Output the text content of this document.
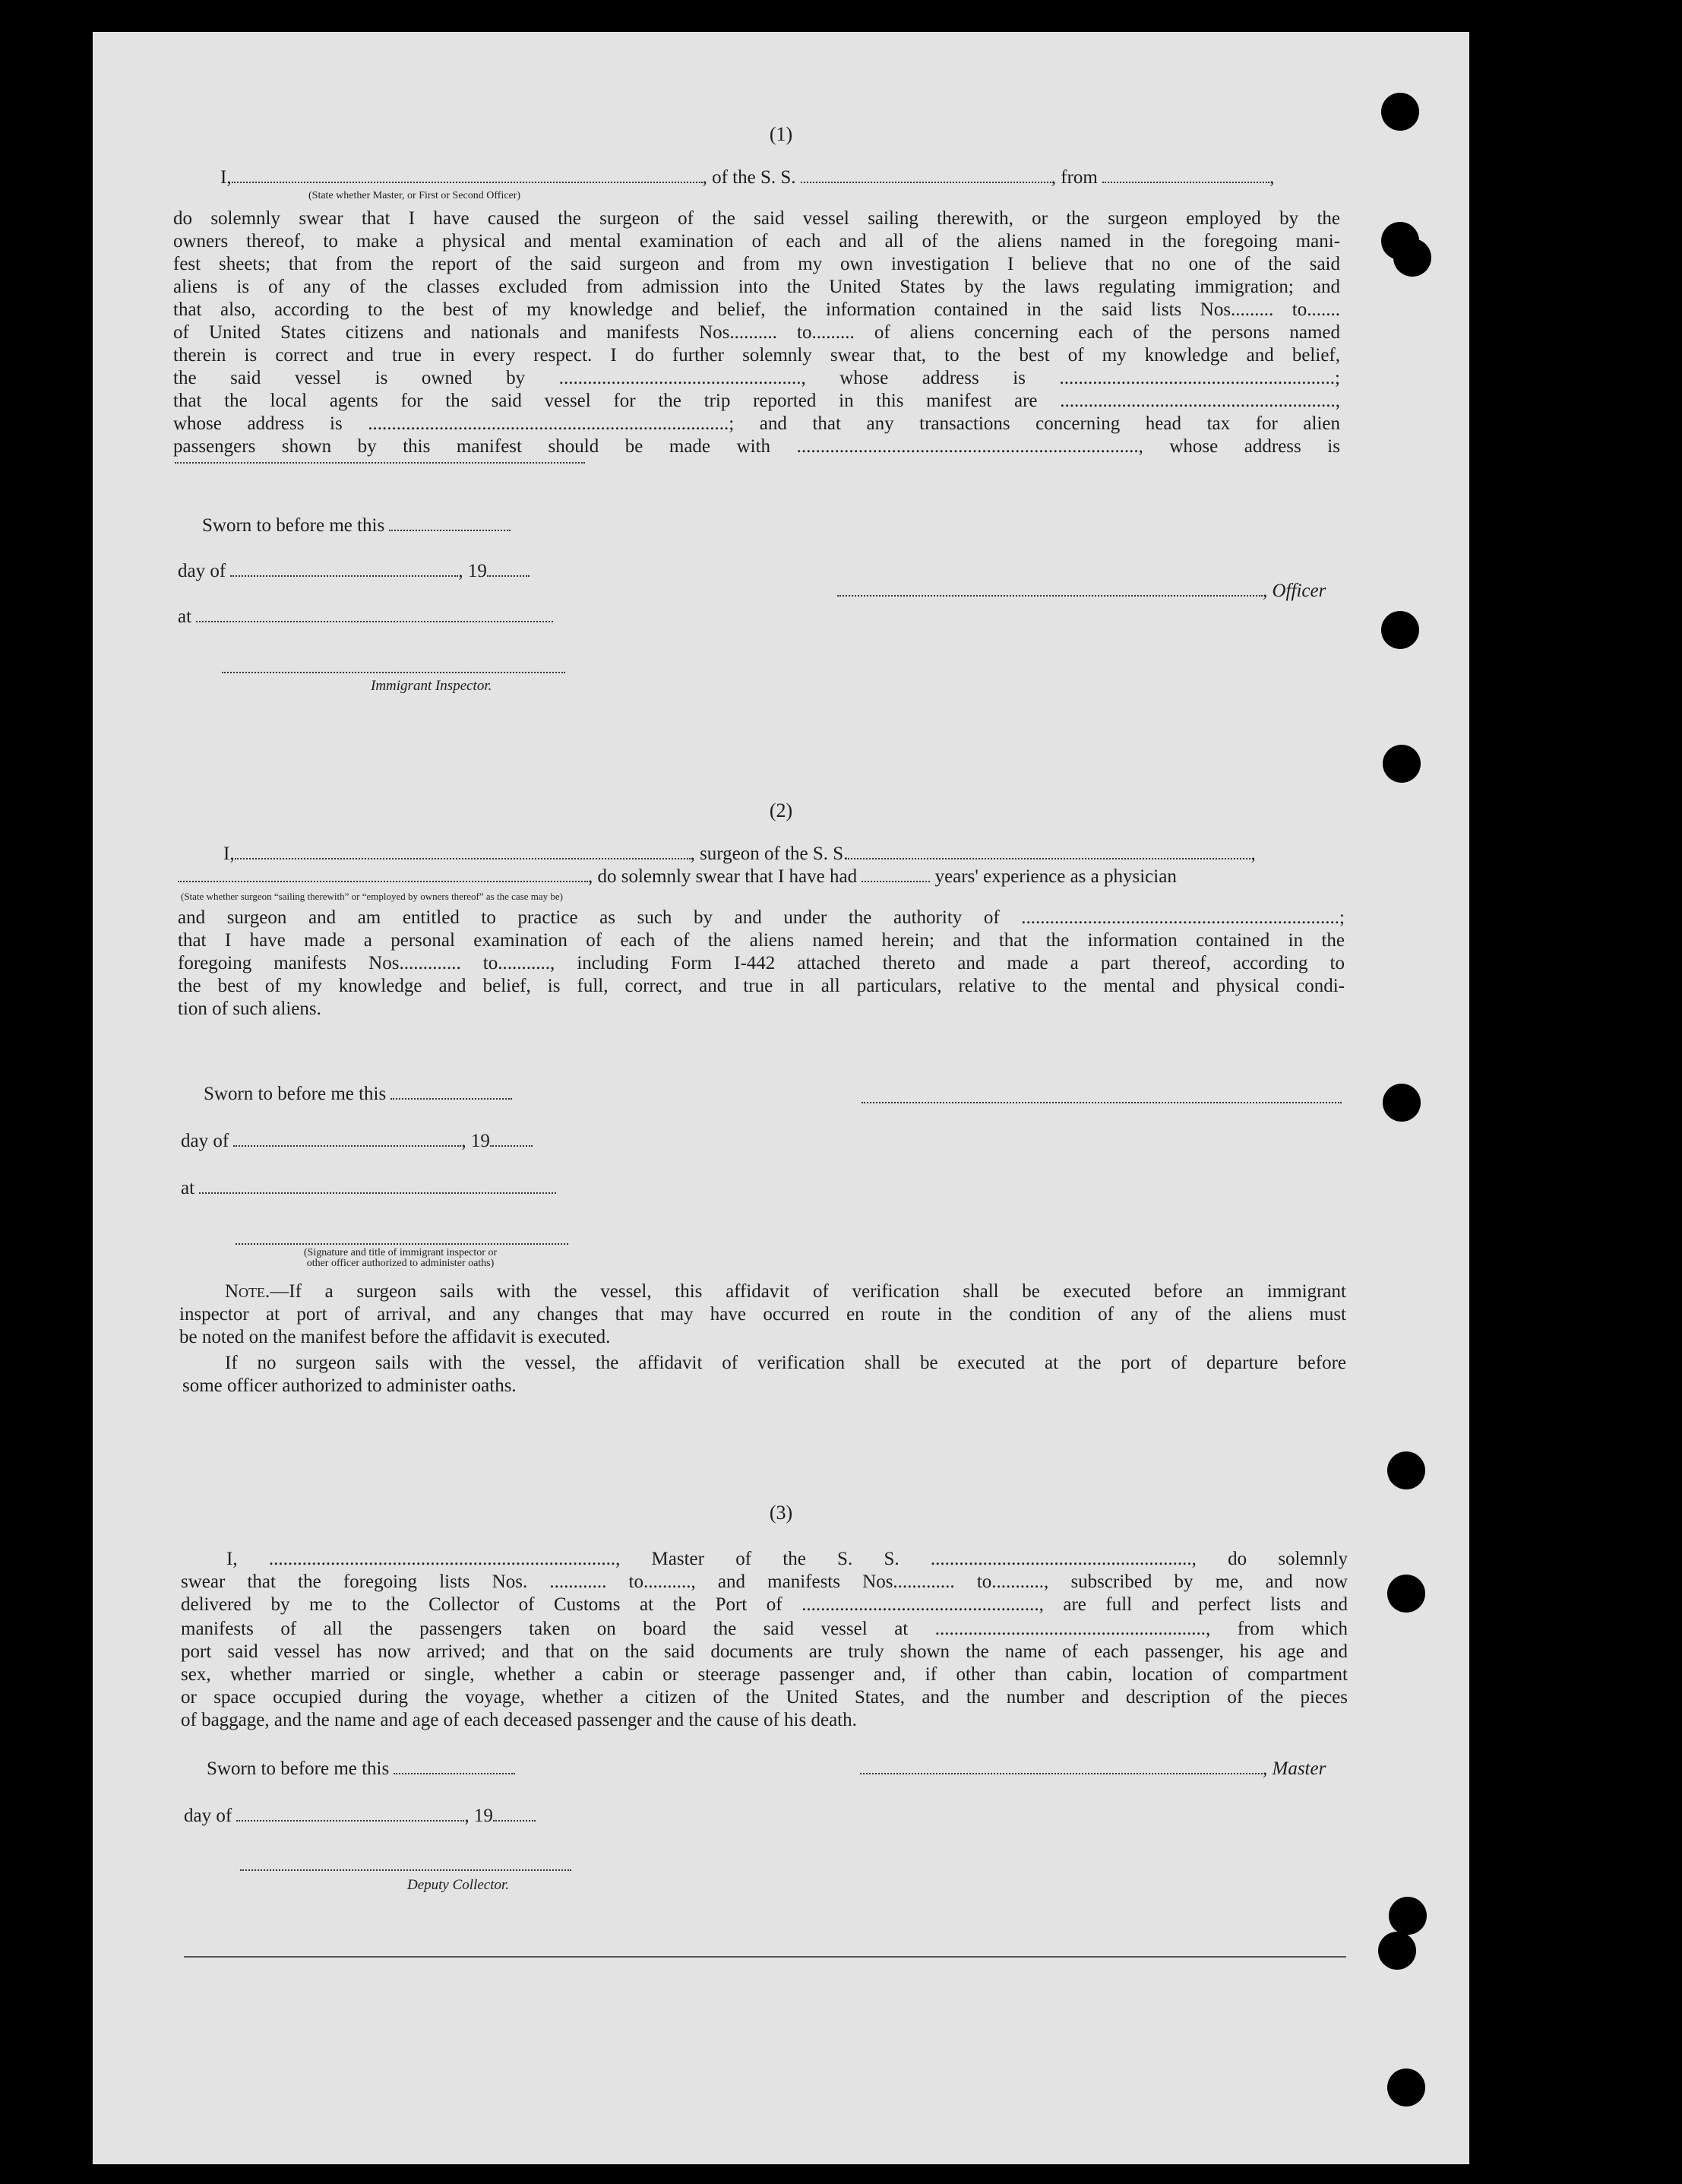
(1)
I,	, of the S. S.	, from	,
(State whether Master, or First or Second Officer)
do solemnly swear that I have caused the surgeon of the said vessel sailing therewith, or the surgeon employed by the
owners thereof, to make a physical and mental examination of each and all of the aliens named in the foregoing mani-
fest sheets; that from the report of the said surgeon and from my own investigation I believe that no one of the said
aliens is of any of the classes excluded from admission into the United States by the laws regulating immigration; and
that also, according to the best of my knowledge and belief, the information contained in the said lists Nos......... to.......
of United States citizens and nationals and manifests Nos.......... to......... of aliens concerning each of the persons named
therein is correct and true in every respect. I do further solemnly swear that, to the best of my knowledge and belief,
the said vessel is owned by ..................................................., whose address is ..........................................................;
that the local agents for the said vessel for the trip reported in this manifest are ..........................................................,
whose address is ............................................................................; and that any transactions concerning head tax for alien
passengers shown by this manifest should be made with ........................................................................, whose address is
Sworn to before me this
day of	, 19
at
, Officer
Immigrant Inspector.
(2)
I,	, surgeon of the S. S.	,
, do solemnly swear that I have had	years' experience as a physician
(State whether surgeon “sailing therewith” or “employed by owners thereof” as the case may be)
and surgeon and am entitled to practice as such by and under the authority of ...................................................................;
that I have made a personal examination of each of the aliens named herein; and that the information contained in the
foregoing manifests Nos............. to..........., including Form I-442 attached thereto and made a part thereof, according to
the best of my knowledge and belief, is full, correct, and true in all particulars, relative to the mental and physical condi-
tion of such aliens.
Sworn to before me this
day of	, 19
at
(Signature and title of immigrant inspector or
other officer authorized to administer oaths)
Note.—If a surgeon sails with the vessel, this affidavit of verification shall be executed before an immigrant
inspector at port of arrival, and any changes that may have occurred en route in the condition of any of the aliens must
be noted on the manifest before the affidavit is executed.
If no surgeon sails with the vessel, the affidavit of verification shall be executed at the port of departure before
some officer authorized to administer oaths.
(3)
I, ........................................................................., Master of the S. S. ......................................................., do solemnly
swear that the foregoing lists Nos. ............ to.........., and manifests Nos............. to..........., subscribed by me, and now
delivered by me to the Collector of Customs at the Port of .................................................., are full and perfect lists and
manifests of all the passengers taken on board the said vessel at ........................................................., from which
port said vessel has now arrived; and that on the said documents are truly shown the name of each passenger, his age and
sex, whether married or single, whether a cabin or steerage passenger and, if other than cabin, location of compartment
or space occupied during the voyage, whether a citizen of the United States, and the number and description of the pieces
of baggage, and the name and age of each deceased passenger and the cause of his death.
Sworn to before me this	, Master
day of	, 19
Deputy Collector.
